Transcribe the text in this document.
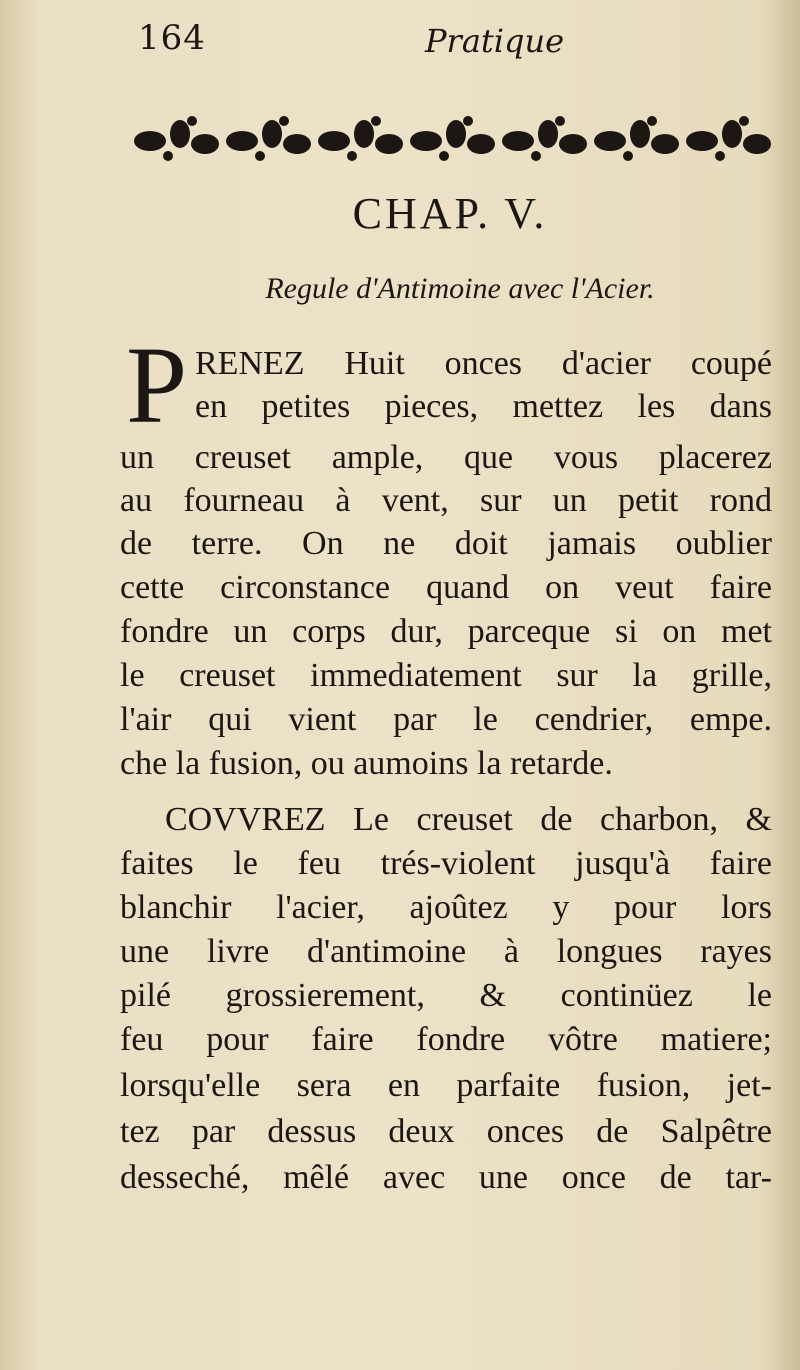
164	Pratique
CHAP. V.
Regule d'Antimoine avec l'Acier.
P RENEZ Huit onces d'acier coupé
en petites pieces, mettez les dans
un creuset ample, que vous placerez
au fourneau à vent, sur un petit rond
de terre. On ne doit jamais oublier
cette circonstance quand on veut faire
fondre un corps dur, parceque si on met
le creuset immediatement sur la grille,
l'air qui vient par le cendrier, empe.
che la fusion, ou aumoins la retarde.
COVVREZ Le creuset de charbon, &
faites le feu trés-violent jusqu'à faire
blanchir l'acier, ajoûtez y pour lors
une livre d'antimoine à longues rayes
pilé grossierement, & continüez le
feu pour faire fondre vôtre matiere;
lorsqu'elle sera en parfaite fusion, jet-
tez par dessus deux onces de Salpêtre
desseché, mêlé avec une once de tar-
